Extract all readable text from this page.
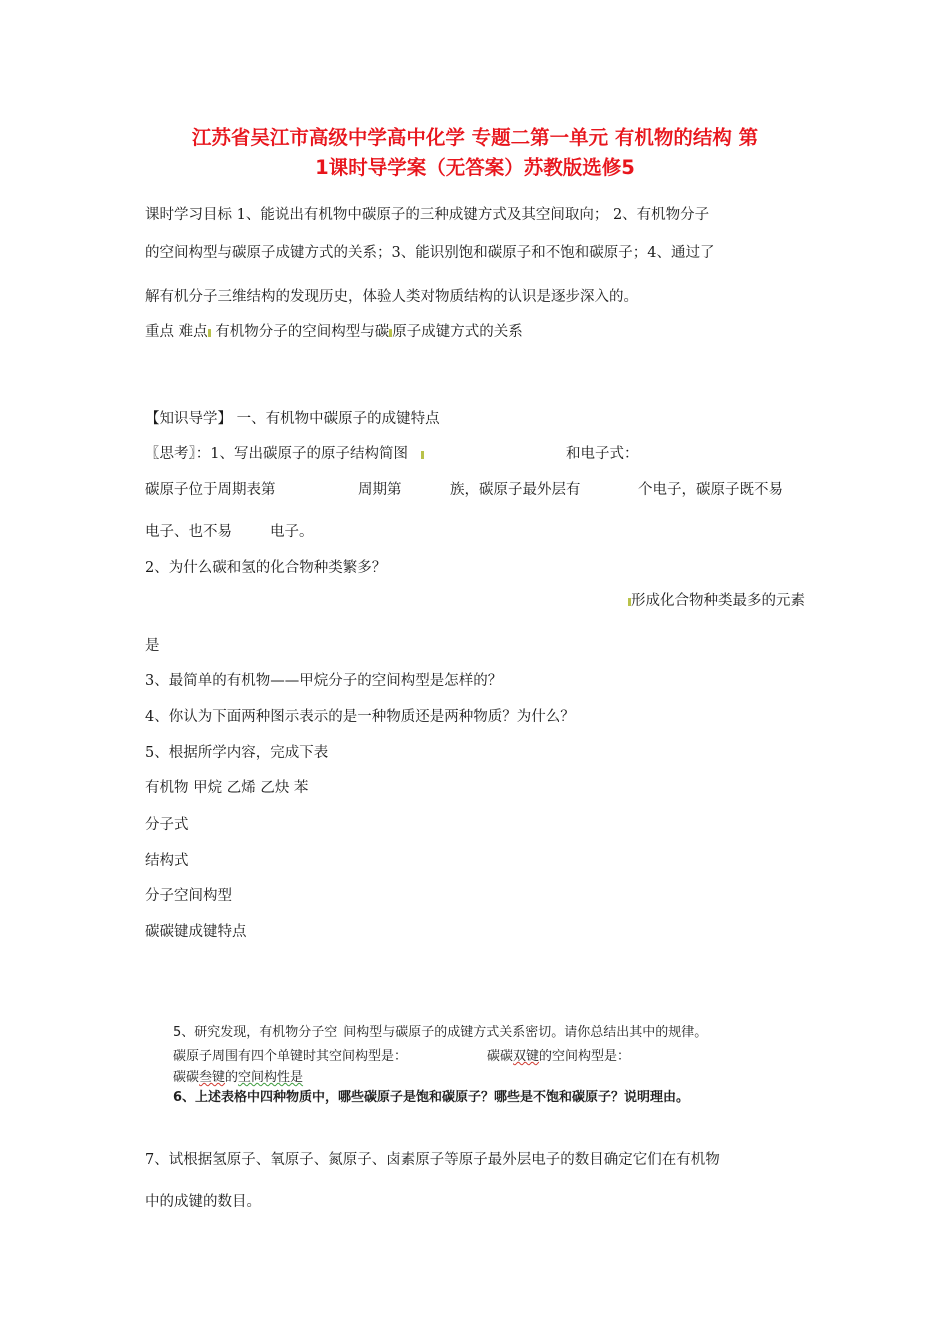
江苏省吴江市高级中学高中化学 专题二第一单元 有机物的结构 第
1课时导学案（无答案）苏教版选修5
课时学习目标 1、能说出有机物中碳原子的三种成键方式及其空间取向； 2、有机物分子
的空间构型与碳原子成键方式的关系；3、能识别饱和碳原子和不饱和碳原子；4、通过了
解有机分子三维结构的发现历史，体验人类对物质结构的认识是逐步深入的。
重点 难点 有机物分子的空间构型与碳 原子成键方式的关系
【知识导学】 一、有机物中碳原子的成键特点
〖思考〗：1、写出碳原子的原子结构简图	和电子式：
碳原子位于周期表第	周期第	族，碳原子最外层有	个电子，碳原子既不易
电子、也不易	电子。
2、为什么碳和氢的化合物种类繁多？
形成化合物种类最多的元素
是
3、最简单的有机物——甲烷分子的空间构型是怎样的？
4、你认为下面两种图示表示的是一种物质还是两种物质？为什么？
5、根据所学内容，完成下表
有机物 甲烷 乙烯 乙炔 苯
分子式
结构式
分子空间构型
碳碳键成键特点
5、研究发现，有机物分子空 间构型与碳原子的成键方式关系密切。请你总结出其中的规律。
碳原子周围有四个单键时其空间构型是：	碳碳双键的空间构型是：
碳碳叁键的空间构性是
6、上述表格中四种物质中，哪些碳原子是饱和碳原子？哪些是不饱和碳原子？说明理由。
7、试根据氢原子、氧原子、氮原子、卤素原子等原子最外层电子的数目确定它们在有机物
中的成键的数目。
